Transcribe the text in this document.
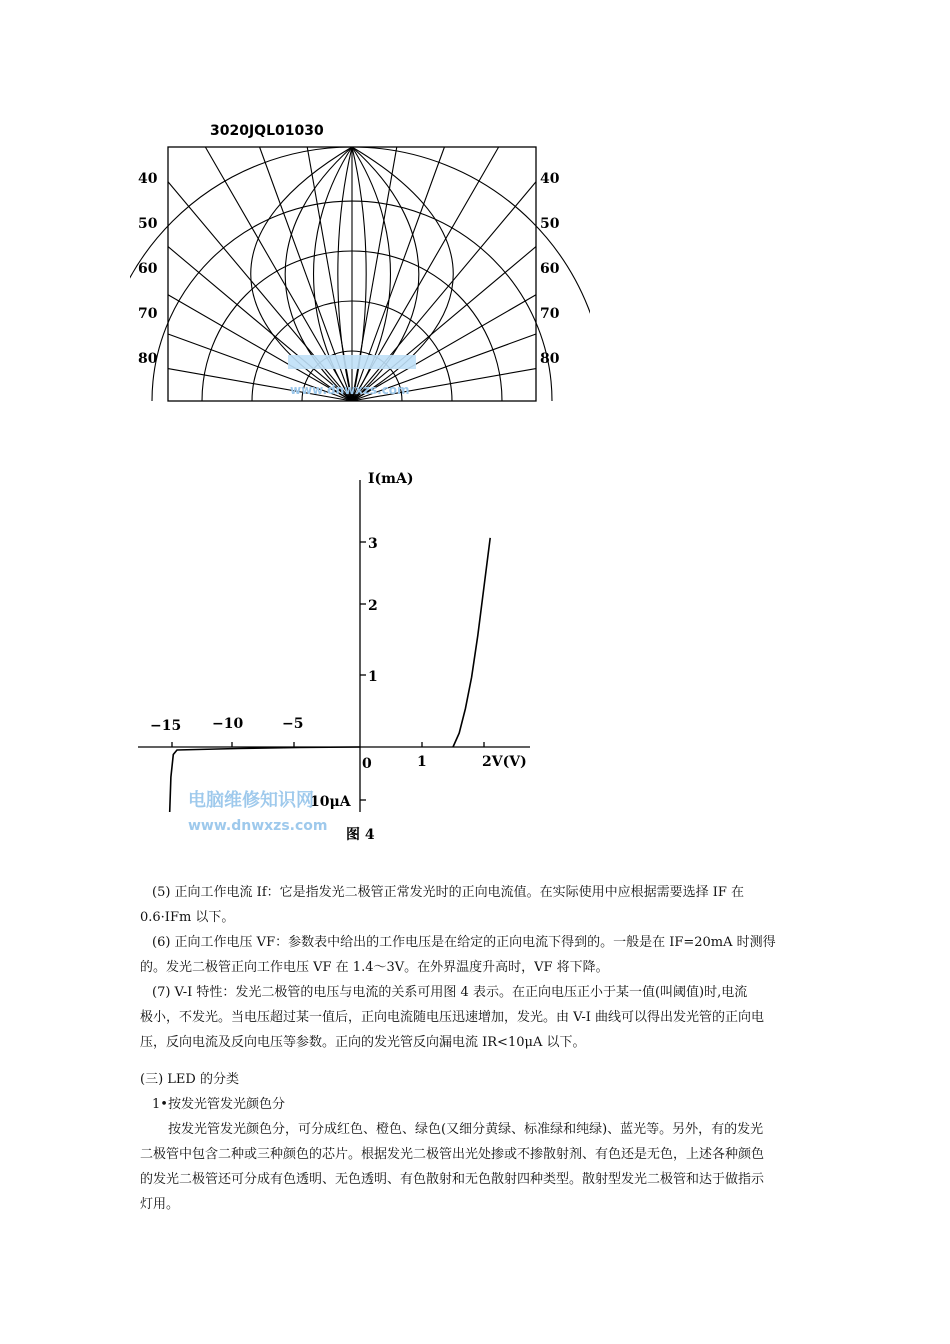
3020JQL01030
40
50
60
70
80
40
50
60
70
80
www.dnwxzs.com
I(mA)
3
2
1
−15 −10	−5
0	1	2V(V)
10μA
电脑维修知识网
www.dnwxzs.com
图 4

(5) 正向工作电流 If：它是指发光二极管正常发光时的正向电流值。在实际使用中应根据需要选择 IF 在

0.6·IFm 以下。

(6) 正向工作电压 VF：参数表中给出的工作电压是在给定的正向电流下得到的。一般是在 IF=20mA 时测得

的。发光二极管正向工作电压 VF 在 1.4～3V。在外界温度升高时，VF 将下降。

(7) V-I 特性：发光二极管的电压与电流的关系可用图 4 表示。在正向电压正小于某一值(叫阈值)时,电流

极小，不发光。当电压超过某一值后，正向电流随电压迅速增加，发光。由 V-I 曲线可以得出发光管的正向电

压，反向电流及反向电压等参数。正向的发光管反向漏电流 IR<10μA 以下。

(三) LED 的分类

1•按发光管发光颜色分

按发光管发光颜色分，可分成红色、橙色、绿色(又细分黄绿、标准绿和纯绿)、蓝光等。另外，有的发光

二极管中包含二种或三种颜色的芯片。根据发光二极管出光处掺或不掺散射剂、有色还是无色，上述各种颜色

的发光二极管还可分成有色透明、无色透明、有色散射和无色散射四种类型。散射型发光二极管和达于做指示

灯用。
